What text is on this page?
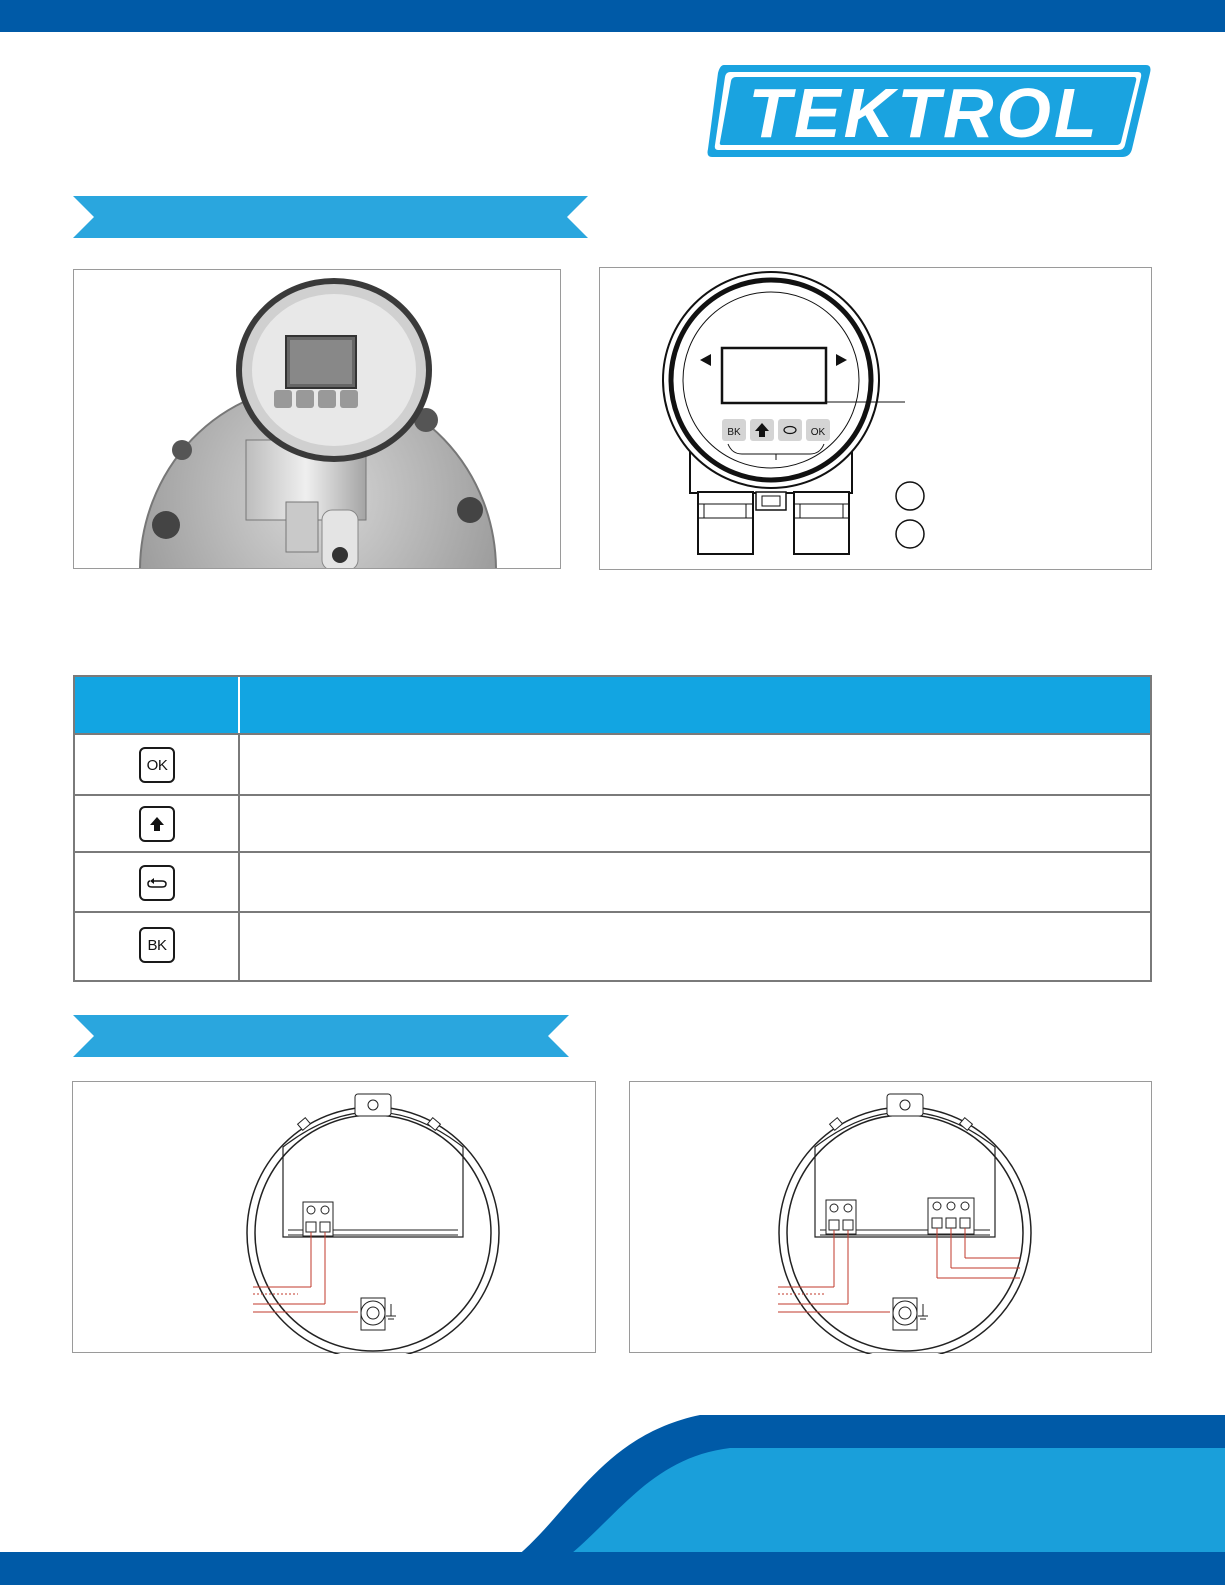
TEKTROL
BK	OK
OK
BK
